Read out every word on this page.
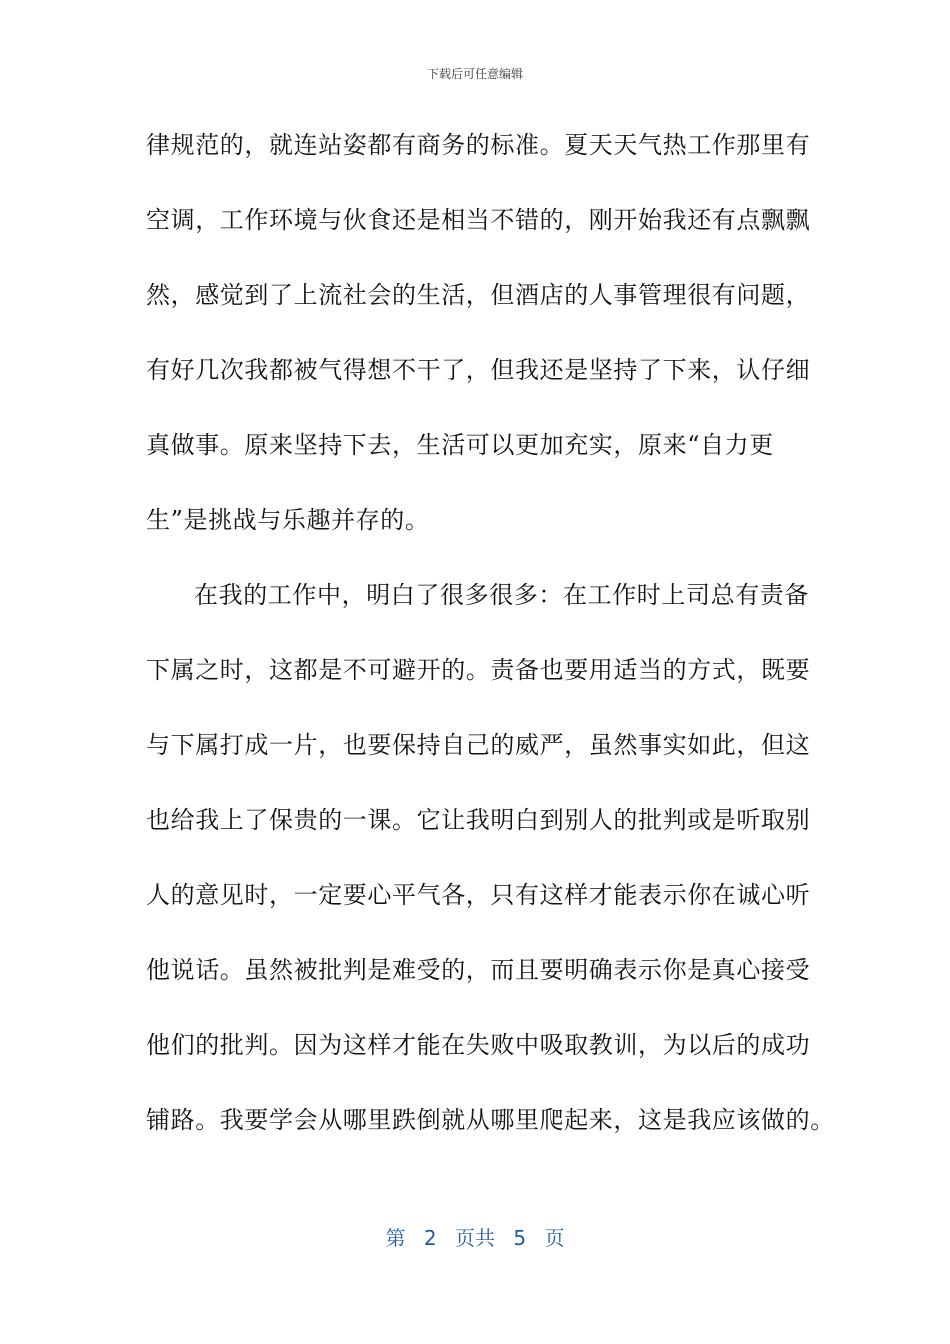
下载后可任意编辑
律规范的，就连站姿都有商务的标准。夏天天气热工作那里有
空调，工作环境与伙食还是相当不错的，刚开始我还有点飘飘
然，感觉到了上流社会的生活，但酒店的人事管理很有问题，
有好几次我都被气得想不干了，但我还是坚持了下来，认仔细
真做事。原来坚持下去，生活可以更加充实，原来“自力更
生”是挑战与乐趣并存的。
在我的工作中，明白了很多很多：在工作时上司总有责备
下属之时，这都是不可避开的。责备也要用适当的方式，既要
与下属打成一片，也要保持自己的威严，虽然事实如此，但这
也给我上了保贵的一课。它让我明白到别人的批判或是听取别
人的意见时，一定要心平气各，只有这样才能表示你在诚心听
他说话。虽然被批判是难受的，而且要明确表示你是真心接受
他们的批判。因为这样才能在失败中吸取教训，为以后的成功
铺路。我要学会从哪里跌倒就从哪里爬起来，这是我应该做的。
第 2 页共 5 页
